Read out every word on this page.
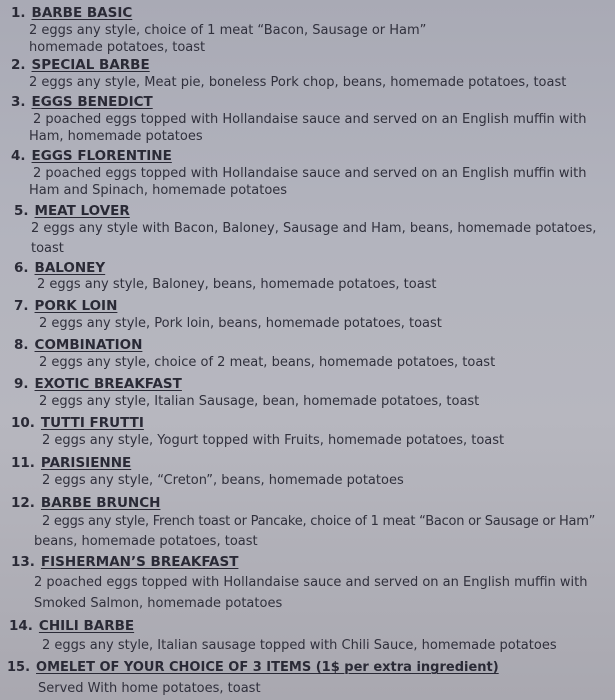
1. BARBE BASIC
2 eggs any style, choice of 1 meat “Bacon, Sausage or Ham”
homemade potatoes, toast
2. SPECIAL BARBE
2 eggs any style, Meat pie, boneless Pork chop, beans, homemade potatoes, toast
3. EGGS BENEDICT
2 poached eggs topped with Hollandaise sauce and served on an English muffin with
Ham, homemade potatoes
4. EGGS FLORENTINE
2 poached eggs topped with Hollandaise sauce and served on an English muffin with
Ham and Spinach, homemade potatoes
5. MEAT LOVER
2 eggs any style with Bacon, Baloney, Sausage and Ham, beans, homemade potatoes,
toast
6. BALONEY
2 eggs any style, Baloney, beans, homemade potatoes, toast
7. PORK LOIN
2 eggs any style, Pork loin, beans, homemade potatoes, toast
8. COMBINATION
2 eggs any style, choice of 2 meat, beans, homemade potatoes, toast
9. EXOTIC BREAKFAST
2 eggs any style, Italian Sausage, bean, homemade potatoes, toast
10. TUTTI FRUTTI
2 eggs any style, Yogurt topped with Fruits, homemade potatoes, toast
11. PARISIENNE
2 eggs any style, “Creton”, beans, homemade potatoes
12. BARBE BRUNCH
2 eggs any style, French toast or Pancake, choice of 1 meat “Bacon or Sausage or Ham”
beans, homemade potatoes, toast
13. FISHERMAN’S BREAKFAST
2 poached eggs topped with Hollandaise sauce and served on an English muffin with
Smoked Salmon, homemade potatoes
14. CHILI BARBE
2 eggs any style, Italian sausage topped with Chili Sauce, homemade potatoes
15. OMELET OF YOUR CHOICE OF 3 ITEMS (1$ per extra ingredient)
Served With home potatoes, toast
